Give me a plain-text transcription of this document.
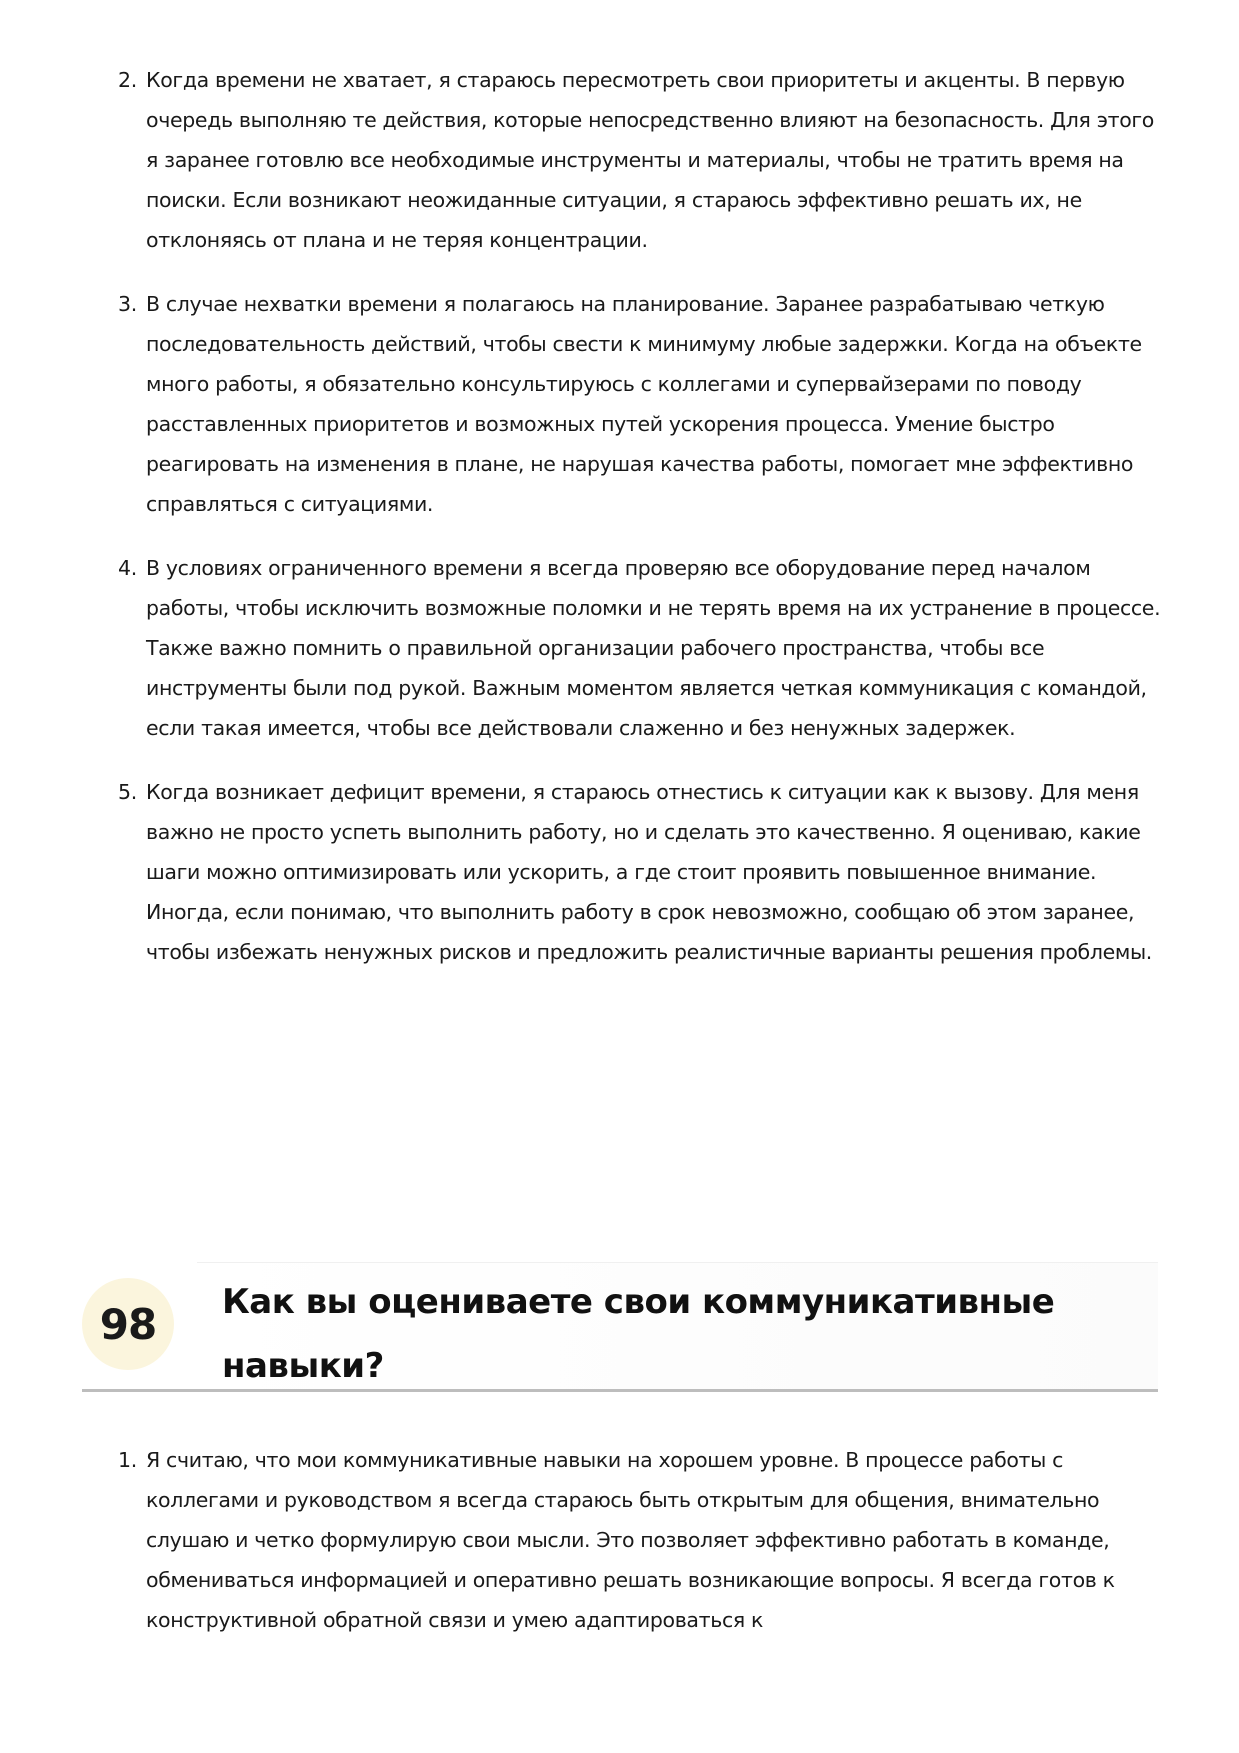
2. Когда времени не хватает, я стараюсь пересмотреть свои приоритеты и акценты. В первую очередь выполняю те действия, которые непосредственно влияют на безопасность. Для этого я заранее готовлю все необходимые инструменты и материалы, чтобы не тратить время на поиски. Если возникают неожиданные ситуации, я стараюсь эффективно решать их, не отклоняясь от плана и не теряя концентрации.
3. В случае нехватки времени я полагаюсь на планирование. Заранее разрабатываю четкую последовательность действий, чтобы свести к минимуму любые задержки. Когда на объекте много работы, я обязательно консультируюсь с коллегами и супервайзерами по поводу расставленных приоритетов и возможных путей ускорения процесса. Умение быстро реагировать на изменения в плане, не нарушая качества работы, помогает мне эффективно справляться с ситуациями.
4. В условиях ограниченного времени я всегда проверяю все оборудование перед началом работы, чтобы исключить возможные поломки и не терять время на их устранение в процессе. Также важно помнить о правильной организации рабочего пространства, чтобы все инструменты были под рукой. Важным моментом является четкая коммуникация с командой, если такая имеется, чтобы все действовали слаженно и без ненужных задержек.
5. Когда возникает дефицит времени, я стараюсь отнестись к ситуации как к вызову. Для меня важно не просто успеть выполнить работу, но и сделать это качественно. Я оцениваю, какие шаги можно оптимизировать или ускорить, а где стоит проявить повышенное внимание. Иногда, если понимаю, что выполнить работу в срок невозможно, сообщаю об этом заранее, чтобы избежать ненужных рисков и предложить реалистичные варианты решения проблемы.
98	Как вы оцениваете свои коммуникативные навыки?
1. Я считаю, что мои коммуникативные навыки на хорошем уровне. В процессе работы с коллегами и руководством я всегда стараюсь быть открытым для общения, внимательно слушаю и четко формулирую свои мысли. Это позволяет эффективно работать в команде, обмениваться информацией и оперативно решать возникающие вопросы. Я всегда готов к конструктивной обратной связи и умею адаптироваться к
